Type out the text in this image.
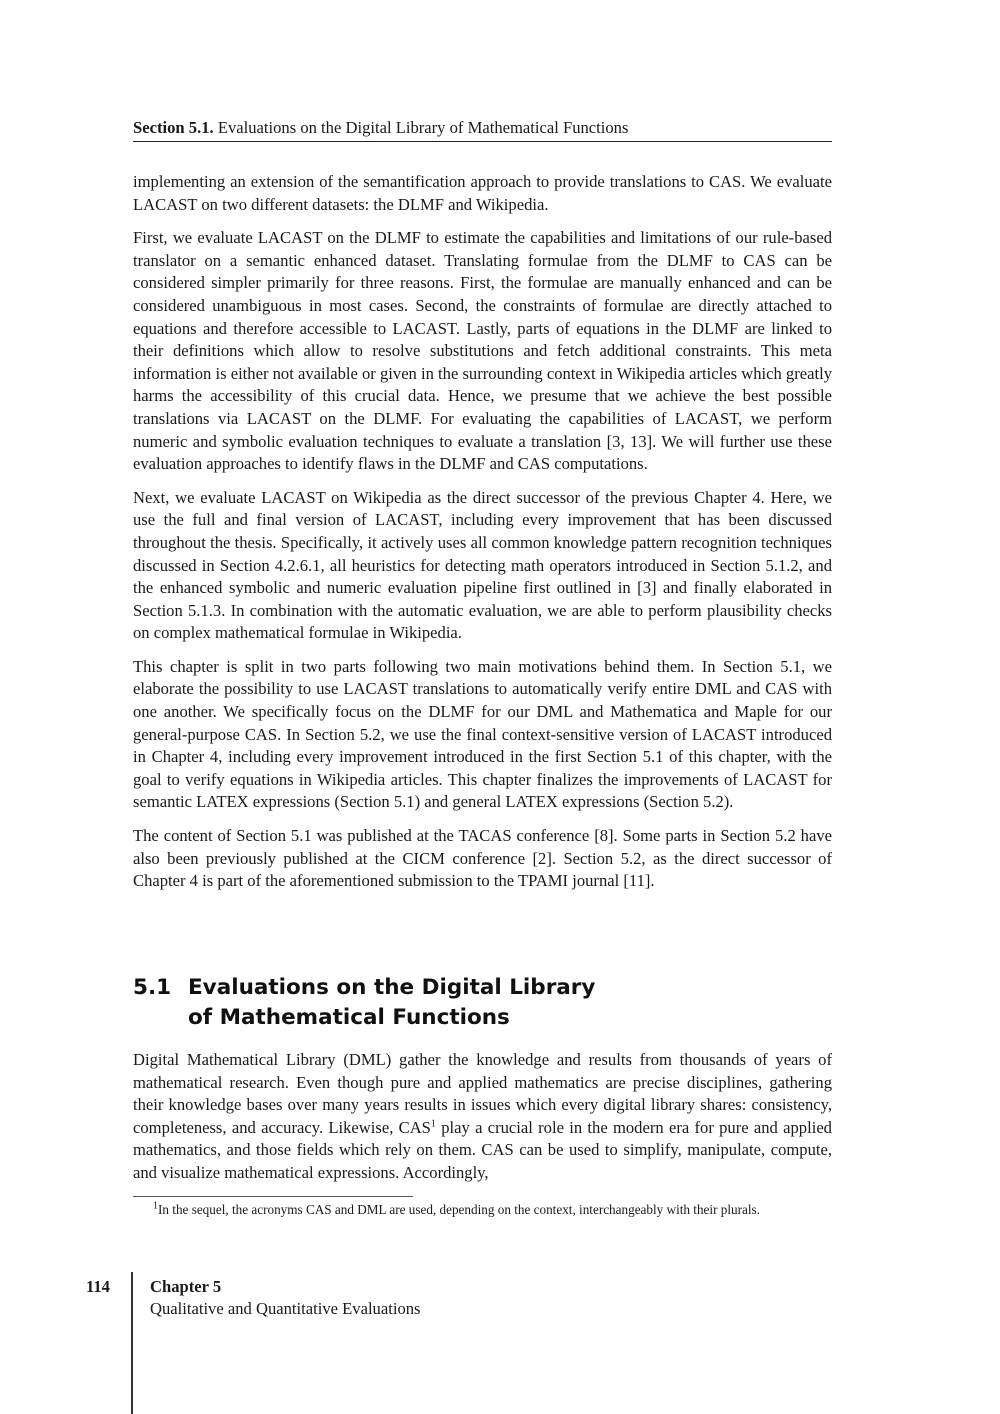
Section 5.1. Evaluations on the Digital Library of Mathematical Functions

implementing an extension of the semantification approach to provide translations to CAS. We evaluate LACAST on two different datasets: the DLMF and Wikipedia.

First, we evaluate LACAST on the DLMF to estimate the capabilities and limitations of our rule-based translator on a semantic enhanced dataset. Translating formulae from the DLMF to CAS can be considered simpler primarily for three reasons. First, the formulae are manually enhanced and can be considered unambiguous in most cases. Second, the constraints of formulae are directly attached to equations and therefore accessible to LACAST. Lastly, parts of equations in the DLMF are linked to their definitions which allow to resolve substitutions and fetch additional constraints. This meta information is either not available or given in the surrounding context in Wikipedia articles which greatly harms the accessibility of this crucial data. Hence, we presume that we achieve the best possible translations via LACAST on the DLMF. For evaluating the capabilities of LACAST, we perform numeric and symbolic evaluation techniques to evaluate a translation [3, 13]. We will further use these evaluation approaches to identify flaws in the DLMF and CAS computations.

Next, we evaluate LACAST on Wikipedia as the direct successor of the previous Chapter 4. Here, we use the full and final version of LACAST, including every improvement that has been discussed throughout the thesis. Specifically, it actively uses all common knowledge pattern recognition techniques discussed in Section 4.2.6.1, all heuristics for detecting math operators introduced in Section 5.1.2, and the enhanced symbolic and numeric evaluation pipeline first outlined in [3] and finally elaborated in Section 5.1.3. In combination with the automatic evaluation, we are able to perform plausibility checks on complex mathematical formulae in Wikipedia.

This chapter is split in two parts following two main motivations behind them. In Section 5.1, we elaborate the possibility to use LACAST translations to automatically verify entire DML and CAS with one another. We specifically focus on the DLMF for our DML and Mathematica and Maple for our general-purpose CAS. In Section 5.2, we use the final context-sensitive version of LACAST introduced in Chapter 4, including every improvement introduced in the first Section 5.1 of this chapter, with the goal to verify equations in Wikipedia articles. This chapter finalizes the improvements of LACAST for semantic LATEX expressions (Section 5.1) and general LATEX expressions (Section 5.2).

The content of Section 5.1 was published at the TACAS conference [8]. Some parts in Section 5.2 have also been previously published at the CICM conference [2]. Section 5.2, as the direct successor of Chapter 4 is part of the aforementioned submission to the TPAMI journal [11].

5.1 Evaluations on the Digital Library of Mathematical Functions

Digital Mathematical Library (DML) gather the knowledge and results from thousands of years of mathematical research. Even though pure and applied mathematics are precise disciplines, gathering their knowledge bases over many years results in issues which every digital library shares: consistency, completeness, and accuracy. Likewise, CAS$^1$ play a crucial role in the modern era for pure and applied mathematics, and those fields which rely on them. CAS can be used to simplify, manipulate, compute, and visualize mathematical expressions. Accordingly,

$^1$In the sequel, the acronyms CAS and DML are used, depending on the context, interchangeably with their plurals.
114 Chapter 5
Qualitative and Quantitative Evaluations
